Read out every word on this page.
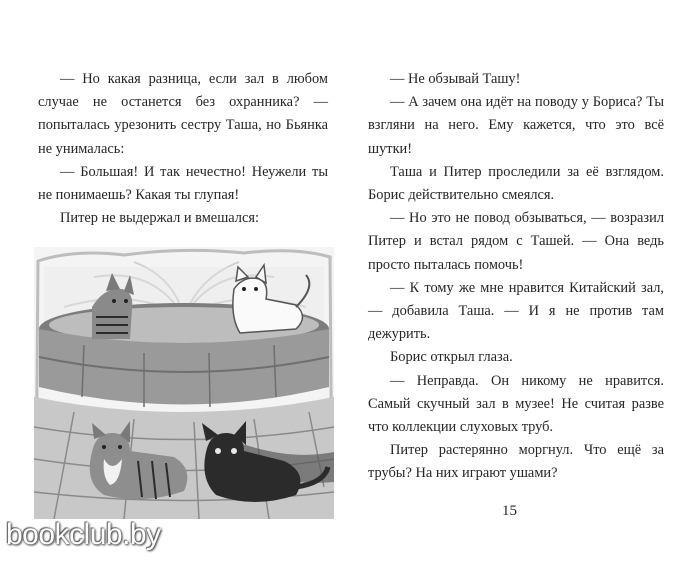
— Но какая разница, если зал в любом случае не останется без охранника? — попыталась урезонить сестру Таша, но Бьянка не унималась:

— Большая! И так нечестно! Неужели ты не понимаешь? Какая ты глупая!

Питер не выдержал и вмешался:

— Не обзывай Ташу!

— А зачем она идёт на поводу у Бориса? Ты взгляни на него. Ему кажется, что это всё шутки!

Таша и Питер проследили за её взглядом. Борис действительно смеялся.

— Но это не повод обзываться, — возразил Питер и встал рядом с Ташей. — Она ведь просто пыталась помочь!

— К тому же мне нравится Китайский зал, — добавила Таша. — И я не против там дежурить.

Борис открыл глаза.

— Неправда. Он никому не нравится. Самый скучный зал в музее! Не считая разве что коллекции слуховых труб.

Питер растерянно моргнул. Что ещё за трубы? На них играют ушами?

15
bookclub.by
